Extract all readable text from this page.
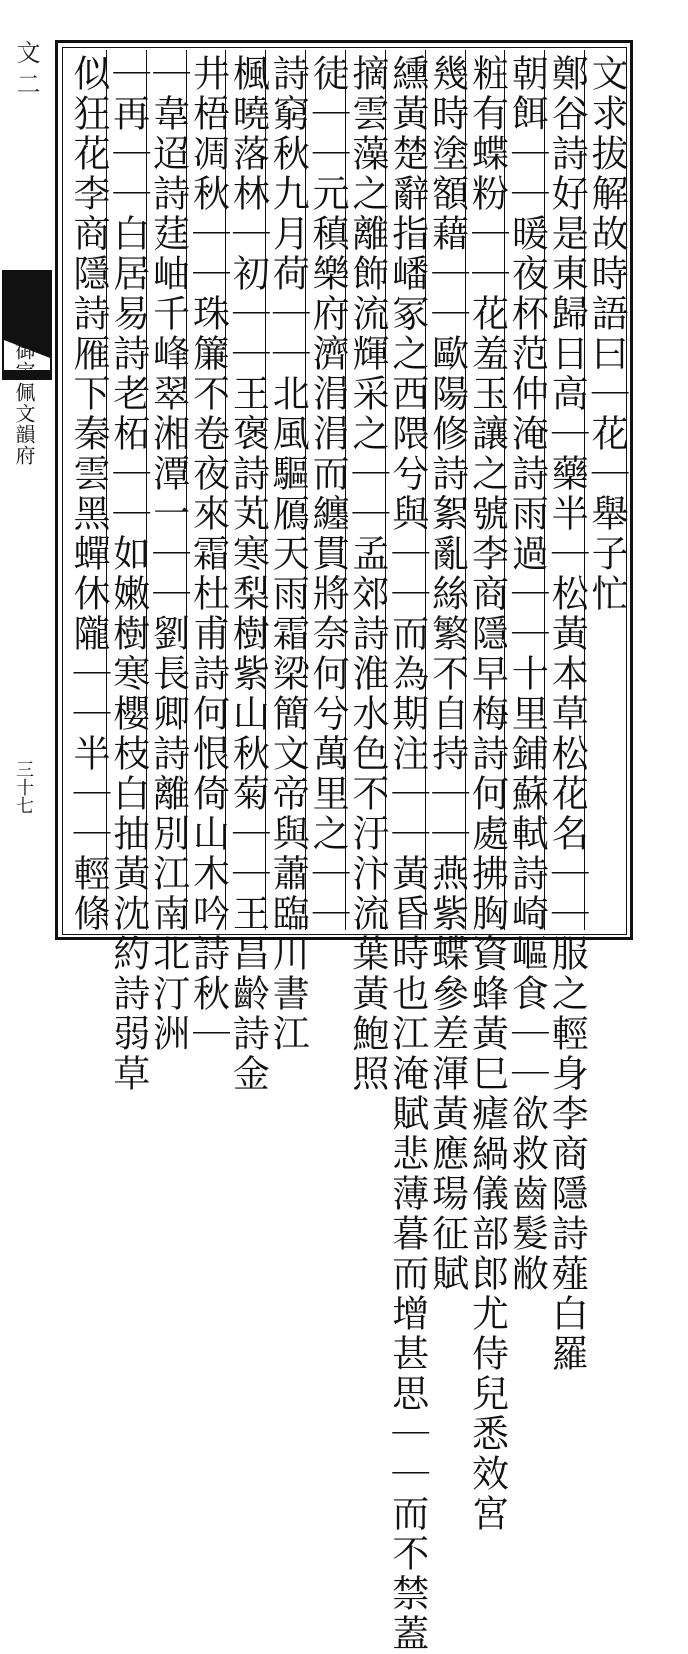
文 二
御定佩文韻府
三十七
文求拔解故時語曰｜花｜舉子忙
鄭谷詩好是東歸日高｜藥半｜松黃本草松花名｜｜服之輕身李商隱詩薤白羅
朝餌｜｜暖夜杯范仲淹詩雨過｜｜十里鋪蘇軾詩崎嶇食｜｜欲救齒髮敝
粧有蝶粉｜｜花羞玉讓之號李商隱早梅詩何處拂胸資蜂黃巳瘧緺儀部郎尤侍兒悉效宮
幾時塗額藉｜｜歐陽修詩絮亂絲繁不自持｜｜燕紫蝶參差渾黃應瑒征賦
纁黃楚辭指嶓冢之西隈兮與｜｜而為期注｜｜黃昏時也江淹賦悲薄暮而增甚思｜｜而不禁蓋
摘雲藻之離飾流輝采之｜｜孟郊詩淮水色不汙汴流葉黃鮑照
徒｜｜元稹樂府濟涓涓而纏貫將奈何兮萬里之｜｜
詩窮秋九月荷｜｜北風驅鴈天雨霜梁簡文帝與蕭臨川書江
楓曉落林｜初｜｜王褒詩芄寒梨樹紫山秋菊｜｜王昌齡詩金
井梧凋秋｜｜珠簾不卷夜來霜杜甫詩何恨倚山木吟詩秋｜
｜韋迢詩莛岫千峰翠湘潭一｜｜劉長卿詩離別江南北汀洲
｜再｜｜白居易詩老柘｜｜如嫩樹寒櫻枝白抽黃沈約詩弱草
似狂花李商隱詩雁下秦雲黑蟬休隴｜｜半｜｜輕條
